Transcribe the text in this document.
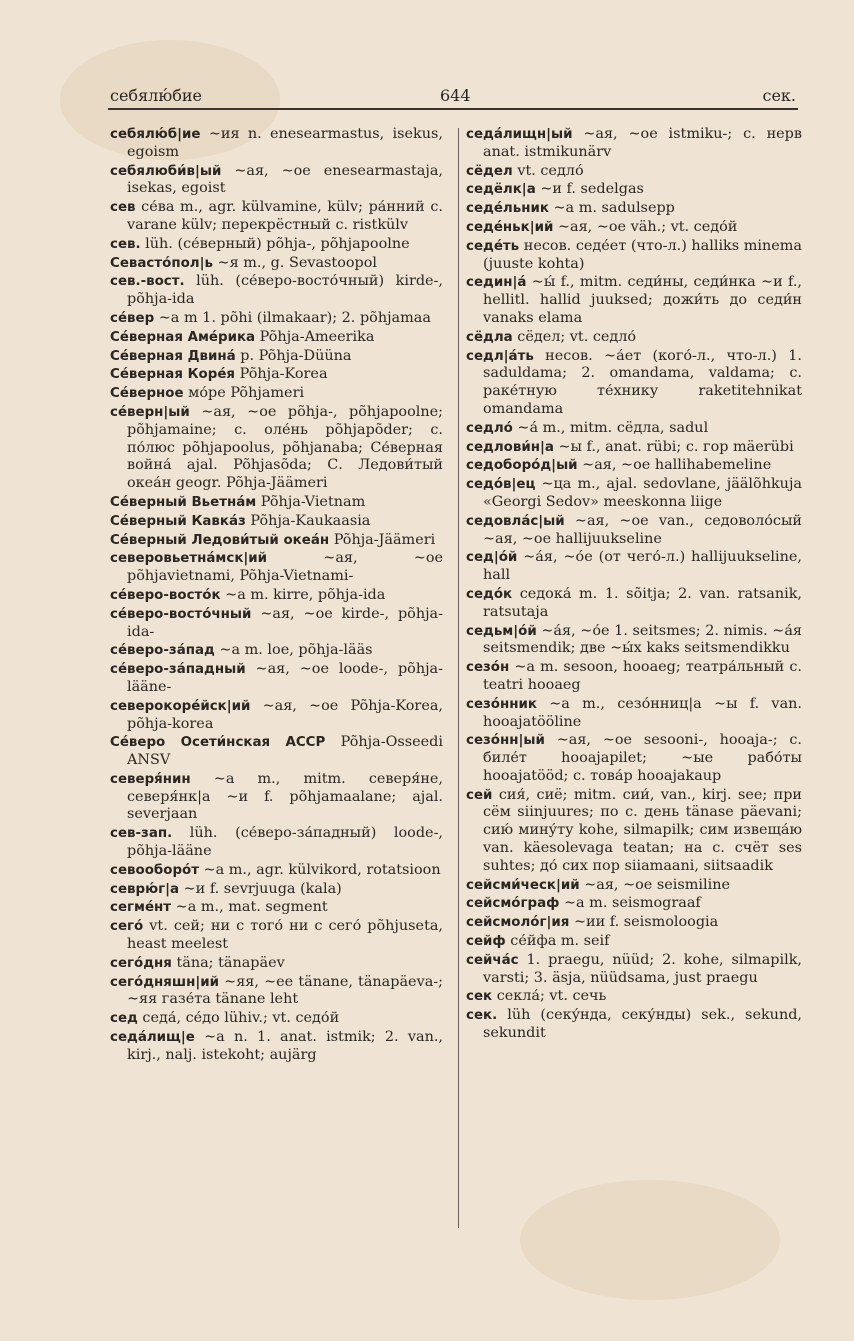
себялю́бие	644	сек.
себялю́б|ие ∼ия n. enesearmastus, isekus, egoism
себялюби́в|ый ∼ая, ∼ое enesearmastaja, isekas, egoist
сев се́ва m., agr. külvamine, külv; ра́нний с. varane külv; перекрёстный с. ristkülv
сев. lüh. (се́верный) põhja-, põhjapoolne
Севасто́пол|ь ∼я m., g. Sevastoopol
сев.-вост. lüh. (се́веро-восто́чный) kirde-, põhja-ida
се́вер ∼а m 1. põhi (ilmakaar); 2. põhjamaa
Се́верная Аме́рика Põhja-Ameerika
Се́верная Двина́ p. Põhja-Düüna
Се́верная Коре́я Põhja-Korea
Се́верное мо́ре Põhjameri
се́верн|ый ∼ая, ∼ое põhja-, põhjapoolne; põhjamaine; с. оле́нь põhjapõder; с. по́люс põhjapoolus, põhjanaba; Се́верная война́ ajal. Põhjasõda; С. Ледови́тый океа́н geogr. Põhja-Jäämeri
Се́верный Вьетна́м Põhja-Vietnam
Се́верный Кавка́з Põhja-Kaukaasia
Се́верный Ледови́тый океа́н Põhja-Jäämeri
северовьетна́мск|ий	∼ая, ∼ое põhjavietnami, Põhja-Vietnami-
се́веро-восто́к ∼а m. kirre, põhja-ida
се́веро-восто́чный ∼ая, ∼ое kirde-, põhja-ida-
се́веро-за́пад ∼а m. loe, põhja-lääs
се́веро-за́падный ∼ая, ∼ое loode-, põhja-lääne-
северокоре́йск|ий ∼ая, ∼ое Põhja-Korea, põhja-korea
Се́веро Осети́нская АССР Põhja-Osseedi ANSV
северя́нин ∼а m., mitm. северя́не, северя́нк|а ∼и f. põhjamaalane; ajal. severjaan
сев-зап. lüh. (се́веро-за́падный) loode-, põhja-lääne
севооборо́т ∼а m., agr. külvikord, rotatsioon
севрю́г|а ∼и f. sevrjuuga (kala)
сегме́нт ∼а m., mat. segment
сего́ vt. сей; ни с того́ ни с сего́ põhjuseta, heast meelest
сего́дня täna; tänapäev
сего́дняшн|ий ∼яя, ∼ее tänane, tänapäeva-; ∼яя газе́та tänane leht
сед седа́, се́до lühiv.; vt. седо́й
седа́лищ|е ∼а n. 1. anat. istmik; 2. van., kirj., nalj. istekoht; aujärg
седа́лищн|ый ∼ая, ∼ое istmiku-; с. нерв anat. istmikunärv
сёдел vt. седло́
седёлк|а ∼и f. sedelgas
седе́льник ∼а m. sadulsepp
седе́ньк|ий ∼ая, ∼ое väh.; vt. седо́й
седе́ть несов. седе́ет (что-л.) halliks minema (juuste kohta)
седин|а́ ∼ы́ f., mitm. седи́ны, седи́нка ∼и f., hellitl. hallid juuksed; дожи́ть до седи́н vanaks elama
сёдла сёдел; vt. седло́
седл|а́ть несов. ∼а́ет (кого́-л., что-л.) 1. saduldama; 2. omandama, valdama; с. раке́тную те́хнику raketitehnikat omandama
седло́ ∼а́ m., mitm. сёдла, sadul
седлови́н|а ∼ы f., anat. rübi; с. гор mäerübi
седоборо́д|ый ∼ая, ∼ое hallihabemeline
седо́в|ец ∼ца m., ajal. sedovlane, jäälõhkuja «Georgi Sedov» meeskonna liige
седовла́с|ый ∼ая, ∼ое van., седоволо́сый ∼ая, ∼ое hallijuukseline
сед|о́й ∼а́я, ∼о́е (от чего́-л.) hallijuukseline, hall
седо́к седока́ m. 1. sõitja; 2. van. ratsanik, ratsutaja
седьм|о́й ∼а́я, ∼о́е 1. seitsmes; 2. nimis. ∼а́я seitsmendik; две ∼ы́х kaks seitsmendikku
сезо́н ∼а m. sesoon, hooaeg; театра́льный с. teatri hooaeg
сезо́нник ∼а m., сезо́нниц|а ∼ы f. van. hooajatööline
сезо́нн|ый ∼ая, ∼ое sesooni-, hooaja-; с. биле́т hooajapilet; ∼ые рабо́ты hooajatööd; с. това́р hooajakaup
сей сия́, сиё; mitm. сии́, van., kirj. see; при сём siinjuures; по с. день tänase päevani; сию́ мину́ту kohe, silmapilk; сим извеща́ю van. käesolevaga teatan; на с. счёт ses suhtes; до́ сих пор siiamaani, siitsaadik
сейсми́ческ|ий ∼ая, ∼ое seismiline
сейсмо́граф ∼а m. seismograaf
сейсмоло́г|ия ∼ии f. seismoloogia
сейф се́йфа m. seif
сейча́с 1. praegu, nüüd; 2. kohe, silmapilk, varsti; 3. äsja, nüüdsama, just praegu
сек секла́; vt. сечь
сек. lüh (секу́нда, секу́нды) sek., sekund, sekundit
